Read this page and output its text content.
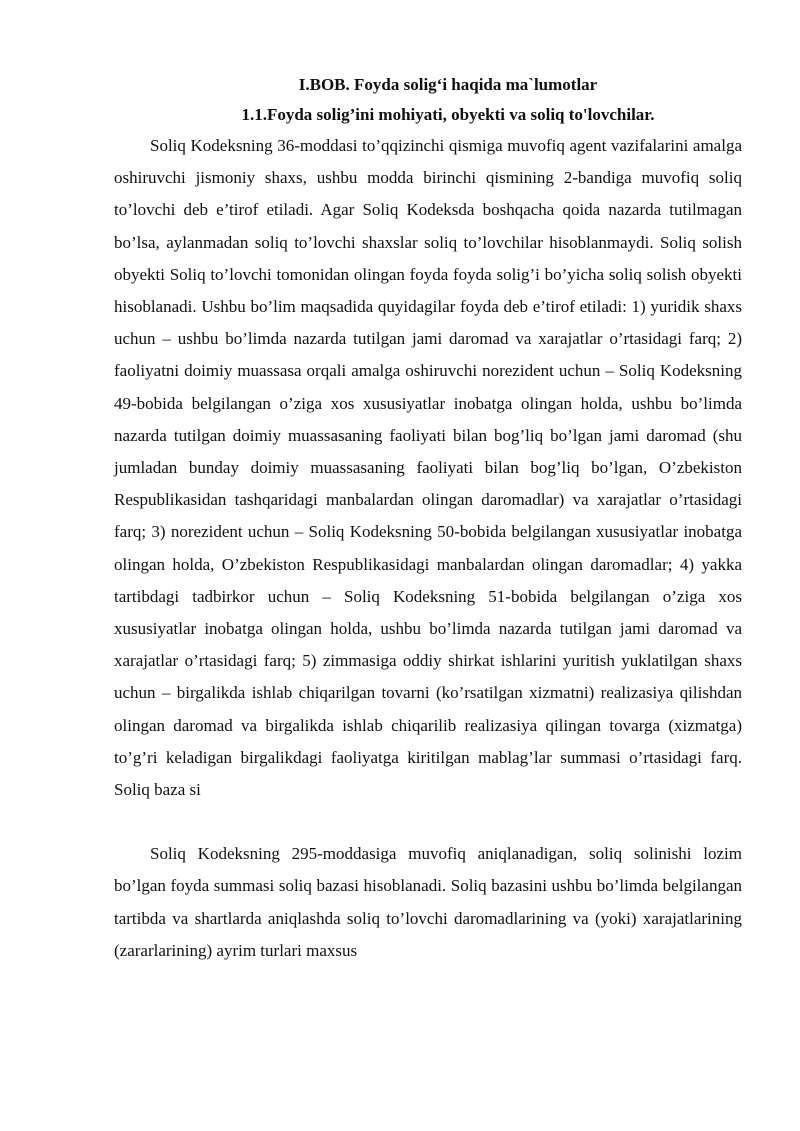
I.BOB. Foyda solig‘i haqida ma`lumotlar

1.1.Foyda solig’ini mohiyati, obyekti va soliq to'lovchilar.

Soliq Kodeksning 36-moddasi to’qqizinchi qismiga muvofiq agent vazifalarini amalga oshiruvchi jismoniy shaxs, ushbu modda birinchi qismining 2-bandiga muvofiq soliq to’lovchi deb e’tirof etiladi. Agar Soliq Kodeksda boshqacha qoida nazarda tutilmagan bo’lsa, aylanmadan soliq to’lovchi shaxslar soliq to’lovchilar hisoblanmaydi. Soliq solish obyekti Soliq to’lovchi tomonidan olingan foyda foyda solig’i bo’yicha soliq solish obyekti hisoblanadi. Ushbu bo’lim maqsadida quyidagilar foyda deb e’tirof etiladi: 1) yuridik shaxs uchun – ushbu bo’limda nazarda tutilgan jami daromad va xarajatlar o’rtasidagi farq; 2) faoliyatni doimiy muassasa orqali amalga oshiruvchi norezident uchun – Soliq Kodeksning 49-bobida belgilangan o’ziga xos xususiyatlar inobatga olingan holda, ushbu bo’limda nazarda tutilgan doimiy muassasaning faoliyati bilan bog’liq bo’lgan jami daromad (shu jumladan bunday doimiy muassasaning faoliyati bilan bog’liq bo’lgan, O’zbekiston Respublikasidan tashqaridagi manbalardan olingan daromadlar) va xarajatlar o’rtasidagi farq; 3) norezident uchun – Soliq Kodeksning 50-bobida belgilangan xususiyatlar inobatga olingan holda, O’zbekiston Respublikasidagi manbalardan olingan daromadlar; 4) yakka tartibdagi tadbirkor uchun – Soliq Kodeksning 51-bobida belgilangan o’ziga xos xususiyatlar inobatga olingan holda, ushbu bo’limda nazarda tutilgan jami daromad va xarajatlar o’rtasidagi farq; 5) zimmasiga oddiy shirkat ishlarini yuritish yuklatilgan shaxs uchun – birgalikda ishlab chiqarilgan tovarni (ko’rsatilgan xizmatni) realizasiya qilishdan olingan daromad va birgalikda ishlab chiqarilib realizasiya qilingan tovarga (xizmatga) to’g’ri keladigan birgalikdagi faoliyatga kiritilgan mablag’lar summasi o’rtasidagi farq. Soliq baza si

Soliq Kodeksning 295-moddasiga muvofiq aniqlanadigan, soliq solinishi lozim bo’lgan foyda summasi soliq bazasi hisoblanadi. Soliq bazasini ushbu bo’limda belgilangan tartibda va shartlarda aniqlashda soliq to’lovchi daromadlarining va (yoki) xarajatlarining (zararlarining) ayrim turlari maxsus
